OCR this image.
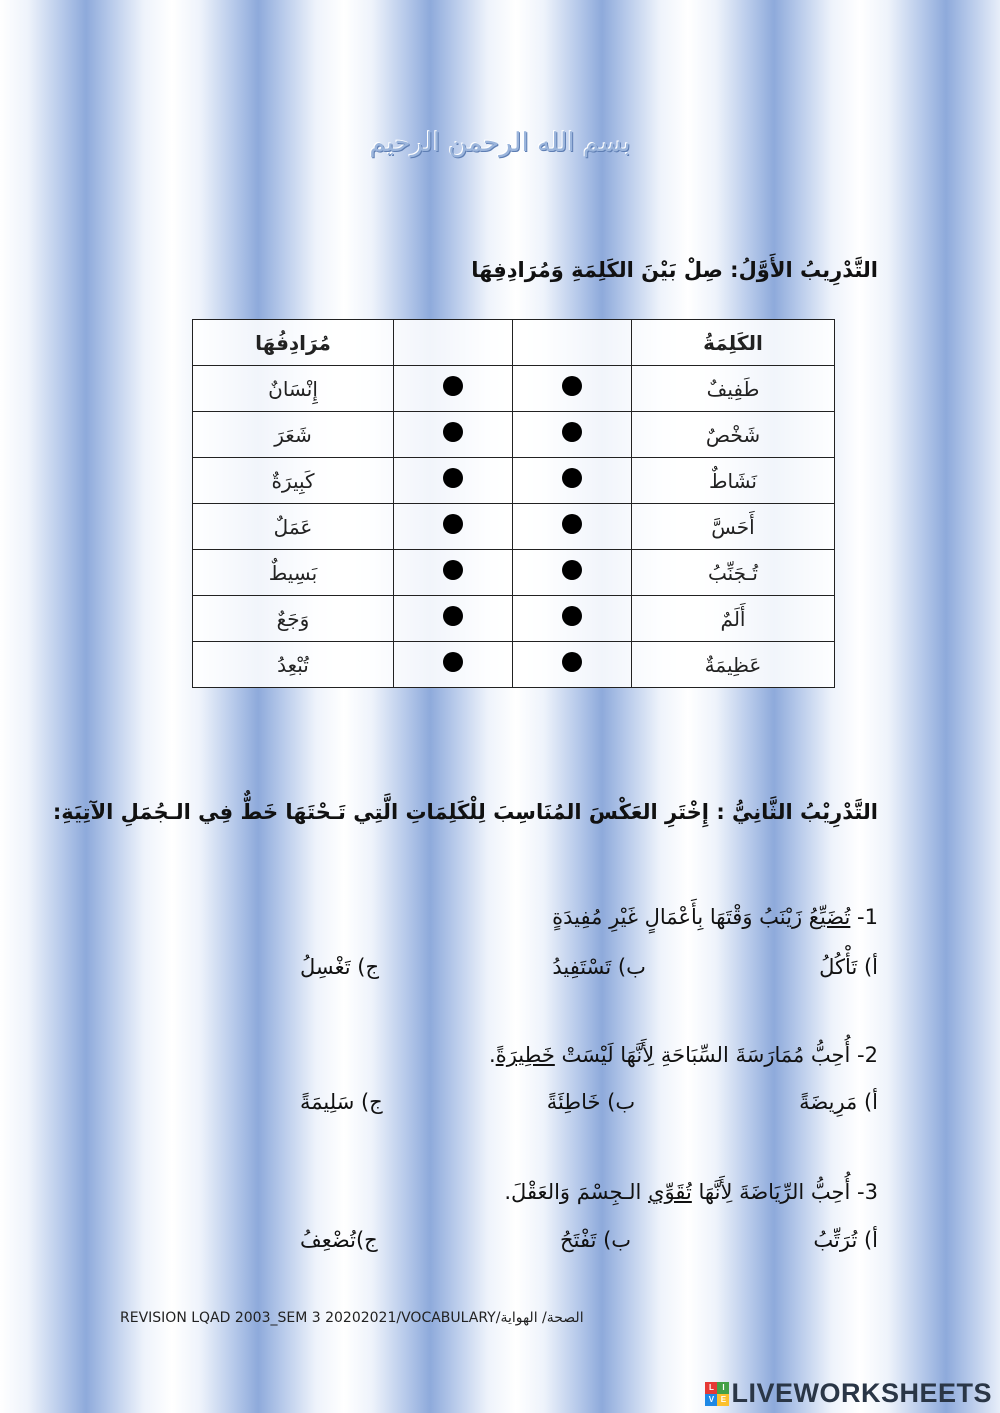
بسم الله الرحمن الرحيم
التَّدْرِيبُ الأَوَّلُ: صِلْ بَيْنَ الكَلِمَةِ وَمُرَادِفِهَا
مُرَادِفُهَا			الكَلِمَةُ
إِنْسَانٌ			طَفِيفٌ
شَعَرَ			شَخْصٌ
كَبِيرَةٌ			نَشَاطٌ
عَمَلٌ			أَحَسَّ
بَسِيطٌ			تُـجَنِّبُ
وَجَعٌ			أَلَمٌ
تُبْعِدُ			عَظِيمَةٌ
التَّدْرِيْبُ الثَّانِيُّ : إِخْتَرِ العَكْسَ المُنَاسِبَ لِلْكَلِمَاتِ الَّتِي تَـحْتَهَا خَطٌّ فِي الـجُمَلِ الآتِيَةِ:
1- تُضَيِّعُ زَيْنَبُ وَقْتَهَا بِأَعْمَالٍ غَيْرِ مُفِيدَةٍ
أ) تَأْكُلُ
ب) تَسْتَفِيدُ
ج) تَغْسِلُ
2- أُحِبُّ مُمَارَسَةَ السِّبَاحَةِ لِأَنَّهَا لَيْسَتْ خَطِيرَةً.
أ) مَرِيضَةً
ب) خَاطِئَةً
ج) سَلِيمَةً
3- أُحِبُّ الرِّيَاضَةَ لِأَنَّهَا تُقَوِّي الـجِسْمَ وَالعَقْلَ.
أ) تُرَتِّبُ
ب) تَفْتَحُ
ج)تُضْعِفُ
REVISION LQAD 2003_SEM 3 20202021/VOCABULARY/الصحة/ الهواية
L	I
V E LIVEWORKSHEETS
